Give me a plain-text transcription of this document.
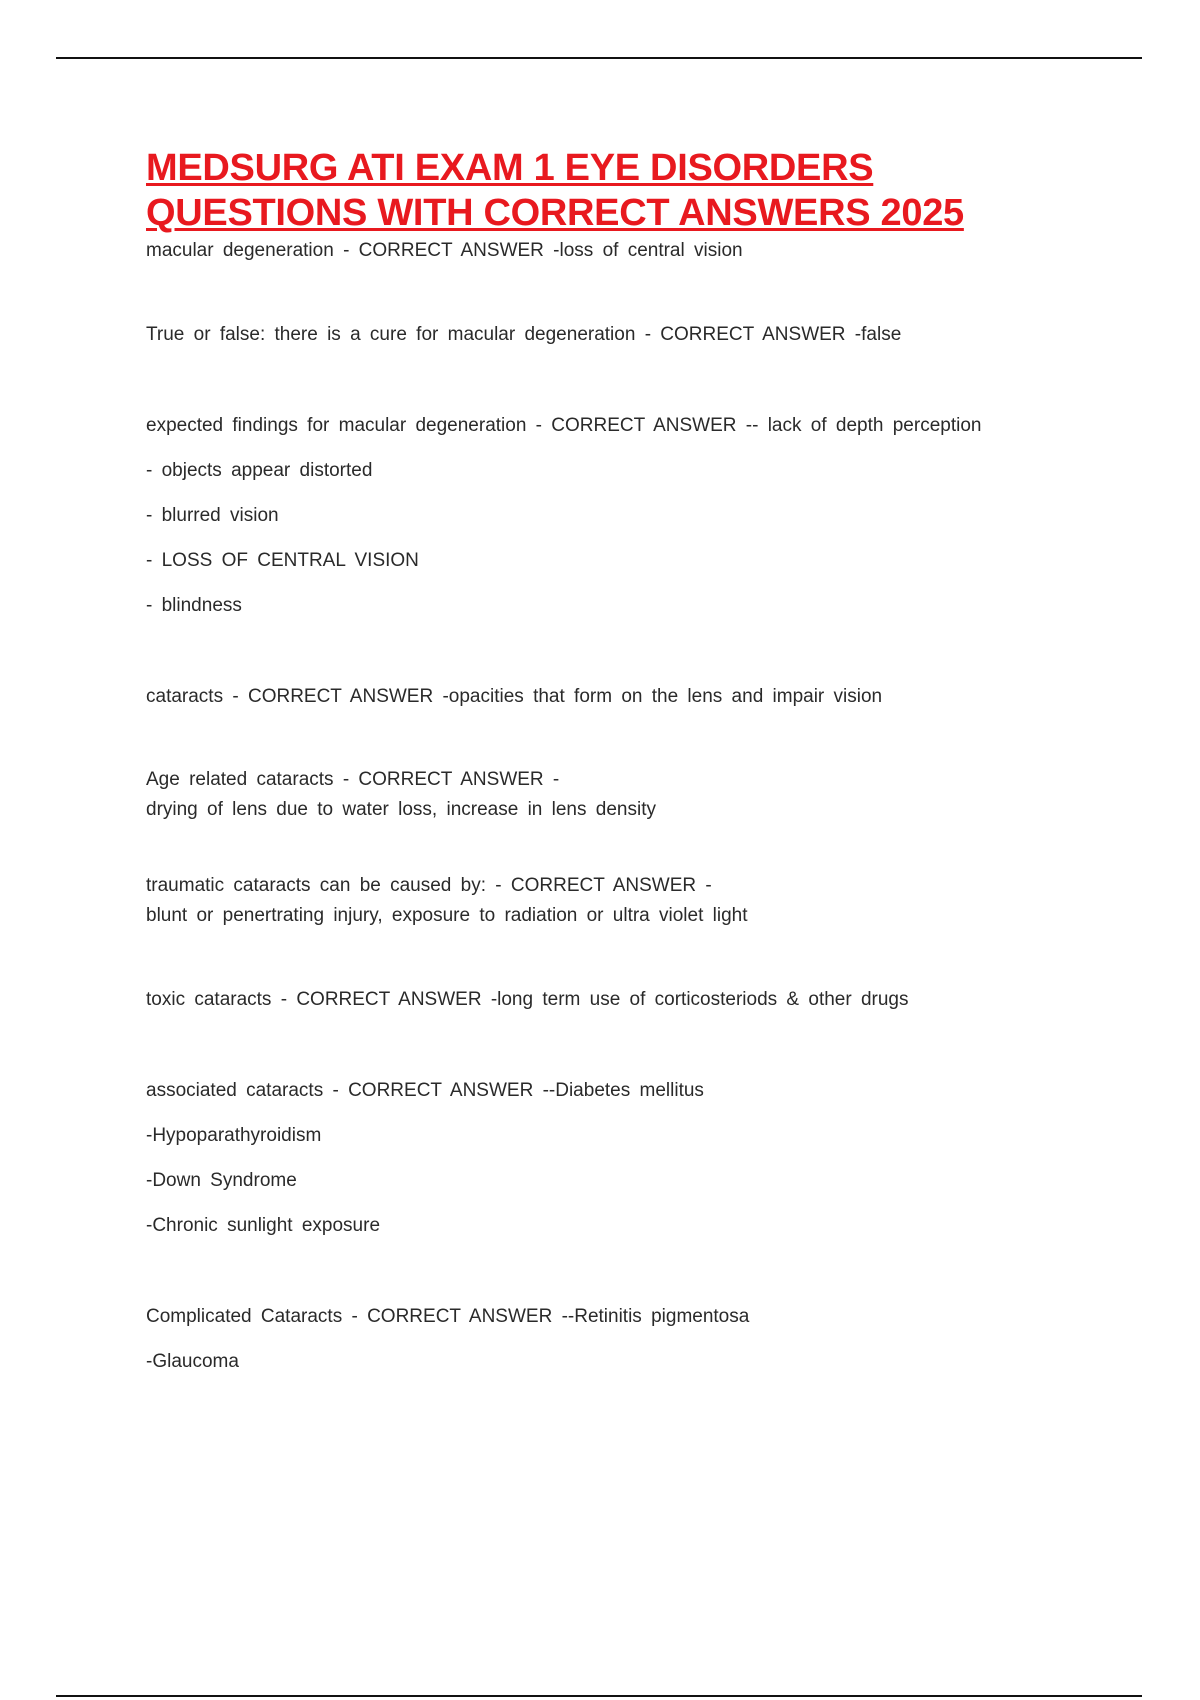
MEDSURG ATI EXAM 1 EYE DISORDERS
QUESTIONS WITH CORRECT ANSWERS 2025
macular degeneration - CORRECT ANSWER -loss of central vision
True or false: there is a cure for macular degeneration - CORRECT ANSWER -false
expected findings for macular degeneration - CORRECT ANSWER -- lack of depth perception
- objects appear distorted
- blurred vision
- LOSS OF CENTRAL VISION
- blindness
cataracts - CORRECT ANSWER -opacities that form on the lens and impair vision
Age related cataracts - CORRECT ANSWER -
drying of lens due to water loss, increase in lens density
traumatic cataracts can be caused by: - CORRECT ANSWER -
blunt or penertrating injury, exposure to radiation or ultra violet light
toxic cataracts - CORRECT ANSWER -long term use of corticosteriods & other drugs
associated cataracts - CORRECT ANSWER --Diabetes mellitus
-Hypoparathyroidism
-Down Syndrome
-Chronic sunlight exposure
Complicated Cataracts - CORRECT ANSWER --Retinitis pigmentosa
-Glaucoma
